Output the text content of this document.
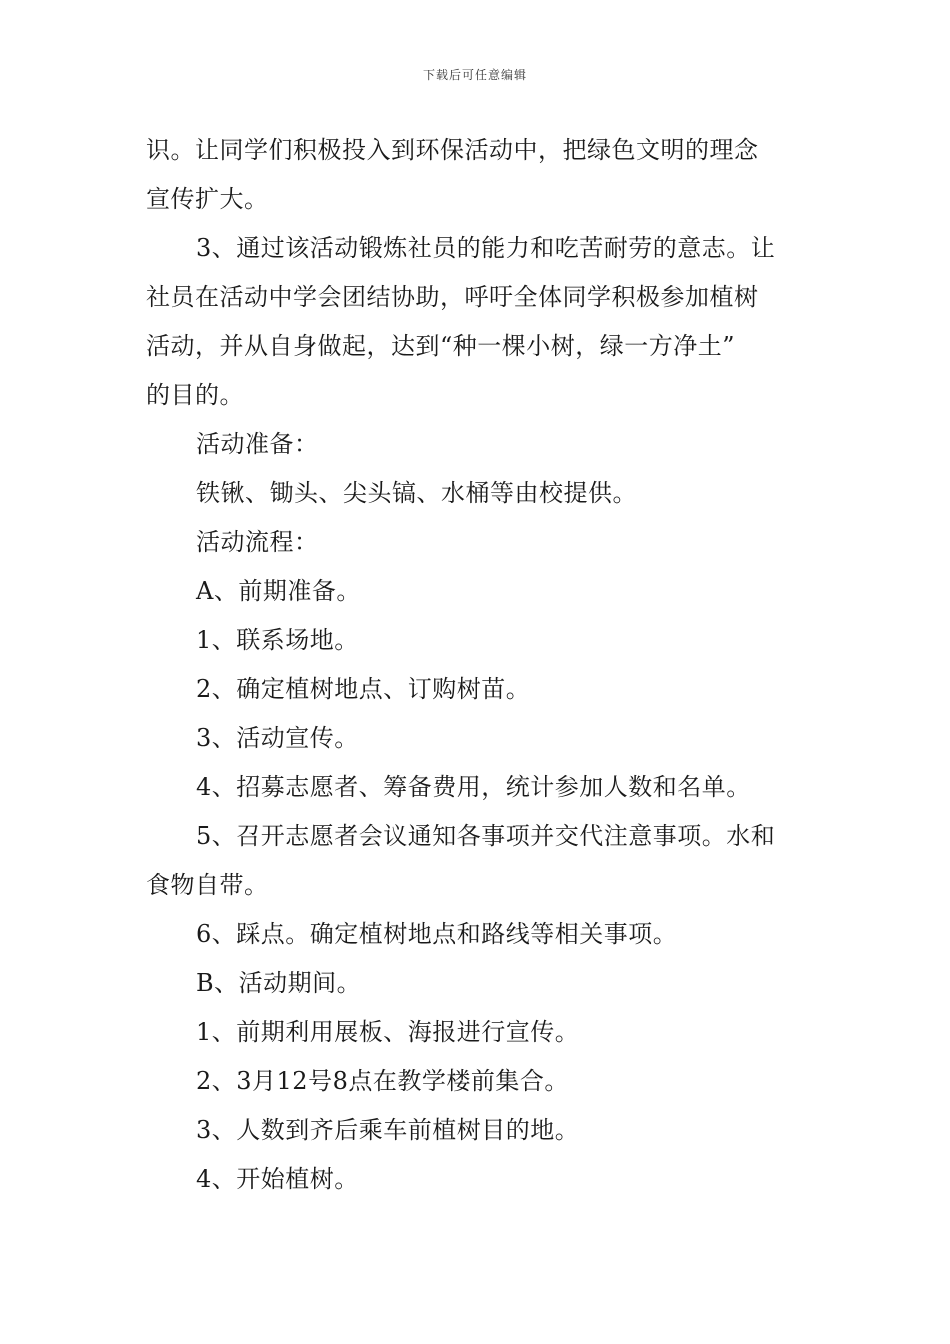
下载后可任意编辑

识。让同学们积极投入到环保活动中，把绿色文明的理念

宣传扩大。

3、通过该活动锻炼社员的能力和吃苦耐劳的意志。让

社员在活动中学会团结协助，呼吁全体同学积极参加植树

活动，并从自身做起，达到“种一棵小树，绿一方净土”

的目的。

活动准备：

铁锹、锄头、尖头镐、水桶等由校提供。

活动流程：

A、前期准备。

1、联系场地。

2、确定植树地点、订购树苗。

3、活动宣传。

4、招募志愿者、筹备费用，统计参加人数和名单。

5、召开志愿者会议通知各事项并交代注意事项。水和

食物自带。

6、踩点。确定植树地点和路线等相关事项。

B、活动期间。

1、前期利用展板、海报进行宣传。

2、3月12号8点在教学楼前集合。

3、人数到齐后乘车前植树目的地。

4、开始植树。
